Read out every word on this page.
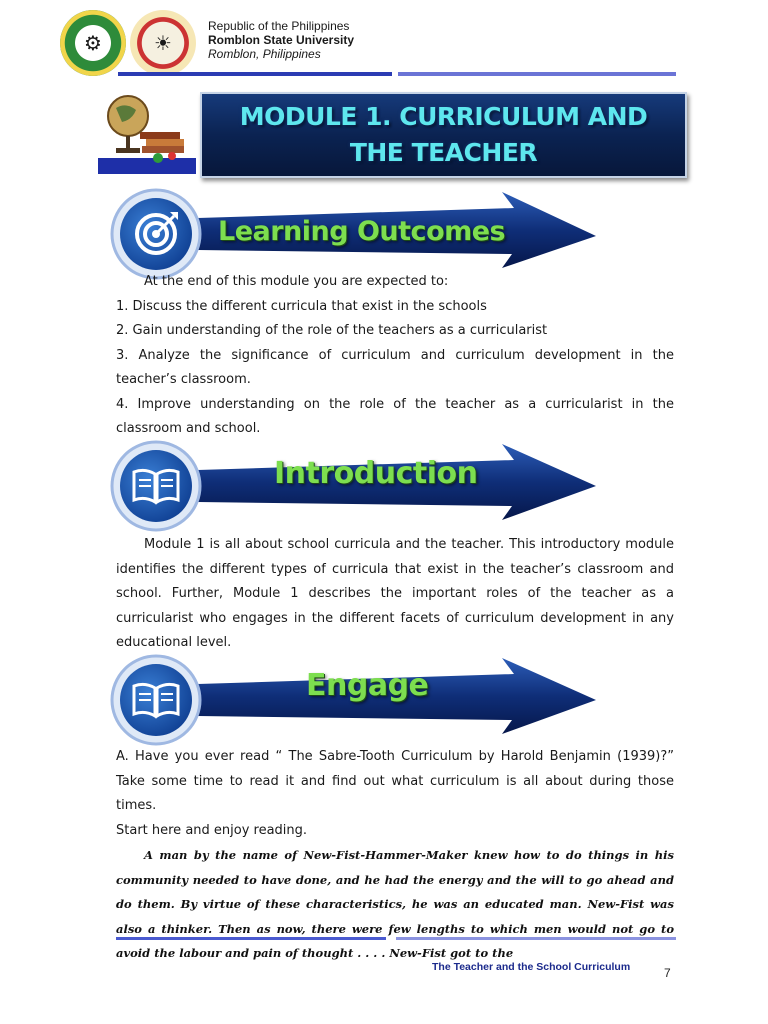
⚙	☀
Republic of the Philippines
Romblon State University
Romblon, Philippines
MODULE 1. CURRICULUM AND
THE TEACHER
Learning Outcomes
At the end of this module you are expected to:
1. Discuss the different curricula that exist in the schools
2. Gain understanding of the role of the teachers as a curricularist
3. Analyze the significance of curriculum and curriculum development in the teacher’s classroom.
4. Improve understanding on the role of the teacher as a curricularist in the classroom and school.
Introduction
Module 1 is all about school curricula and the teacher. This introductory module identifies the different types of curricula that exist in the teacher’s classroom and school. Further, Module 1 describes the important roles of the teacher as a curricularist who engages in the different facets of curriculum development in any educational level.
Engage
A. Have you ever read “ The Sabre-Tooth Curriculum by Harold Benjamin (1939)?” Take some time to read it and find out what curriculum is all about during those times.
Start here and enjoy reading.
A man by the name of New-Fist-Hammer-Maker knew how to do things in his community needed to have done, and he had the energy and the will to go ahead and do them. By virtue of these characteristics, he was an educated man. New-Fist was also a thinker. Then as now, there were few lengths to which men would not go to avoid the labour and pain of thought . . . . New-Fist got to the
The Teacher and the School Curriculum	7
